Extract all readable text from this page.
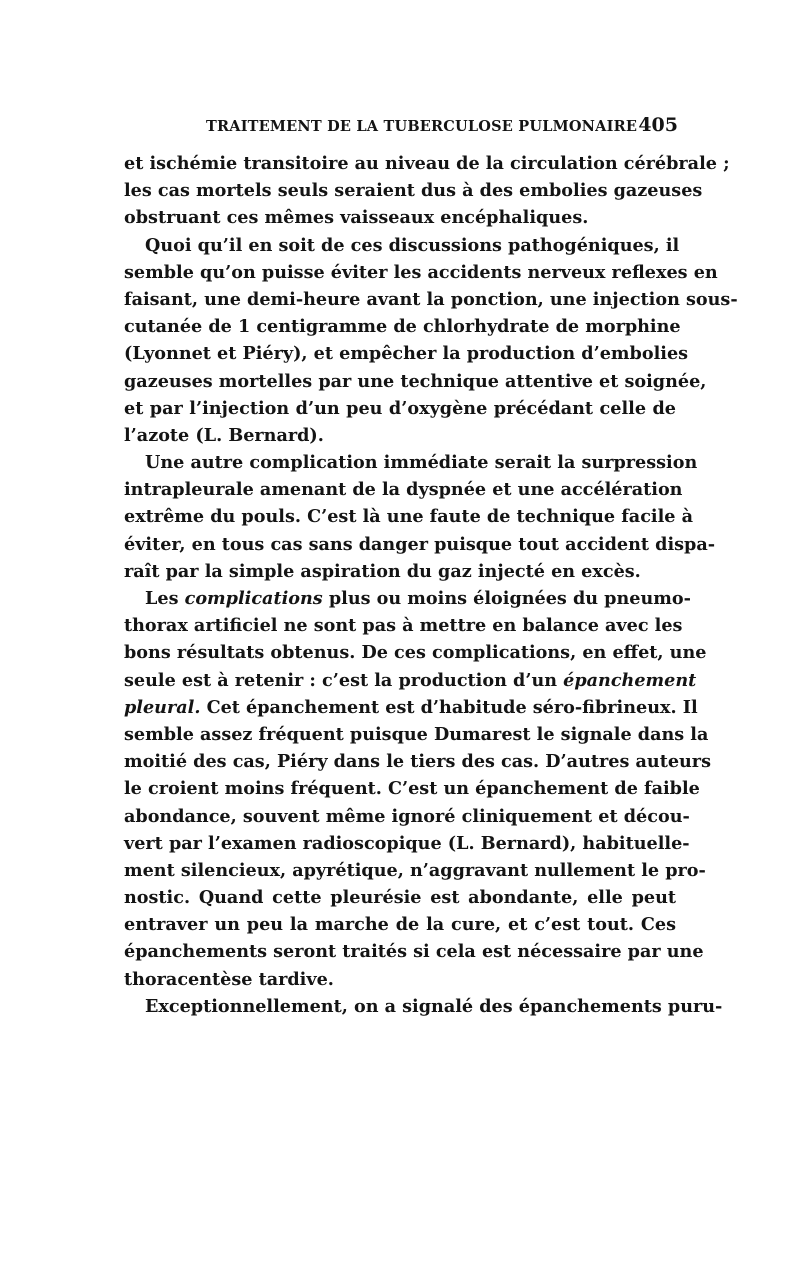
TRAITEMENT DE LA TUBERCULOSE PULMONAIRE 405
et ischémie transitoire au niveau de la circulation cérébrale ;
les cas mortels seuls seraient dus à des embolies gazeuses
obstruant ces mêmes vaisseaux encéphaliques.
Quoi qu’il en soit de ces discussions pathogéniques, il
semble qu’on puisse éviter les accidents nerveux reflexes en
faisant, une demi-heure avant la ponction, une injection sous-
cutanée de 1 centigramme de chlorhydrate de morphine
(Lyonnet et Piéry), et empêcher la production d’embolies
gazeuses mortelles par une technique attentive et soignée,
et par l’injection d’un peu d’oxygène précédant celle de
l’azote (L. Bernard).
Une autre complication immédiate serait la surpression
intrapleurale amenant de la dyspnée et une accélération
extrême du pouls. C’est là une faute de technique facile à
éviter, en tous cas sans danger puisque tout accident dispa-
raît par la simple aspiration du gaz injecté en excès.
Les complications plus ou moins éloignées du pneumo-
thorax artificiel ne sont pas à mettre en balance avec les
bons résultats obtenus. De ces complications, en effet, une
seule est à retenir : c’est la production d’un épanchement
pleural. Cet épanchement est d’habitude séro-fibrineux. Il
semble assez fréquent puisque Dumarest le signale dans la
moitié des cas, Piéry dans le tiers des cas. D’autres auteurs
le croient moins fréquent. C’est un épanchement de faible
abondance, souvent même ignoré cliniquement et décou-
vert par l’examen radioscopique (L. Bernard), habituelle-
ment silencieux, apyrétique, n’aggravant nullement le pro-
nostic. Quand cette pleurésie est abondante, elle peut
entraver un peu la marche de la cure, et c’est tout. Ces
épanchements seront traités si cela est nécessaire par une
thoracentèse tardive.
Exceptionnellement, on a signalé des épanchements puru-
